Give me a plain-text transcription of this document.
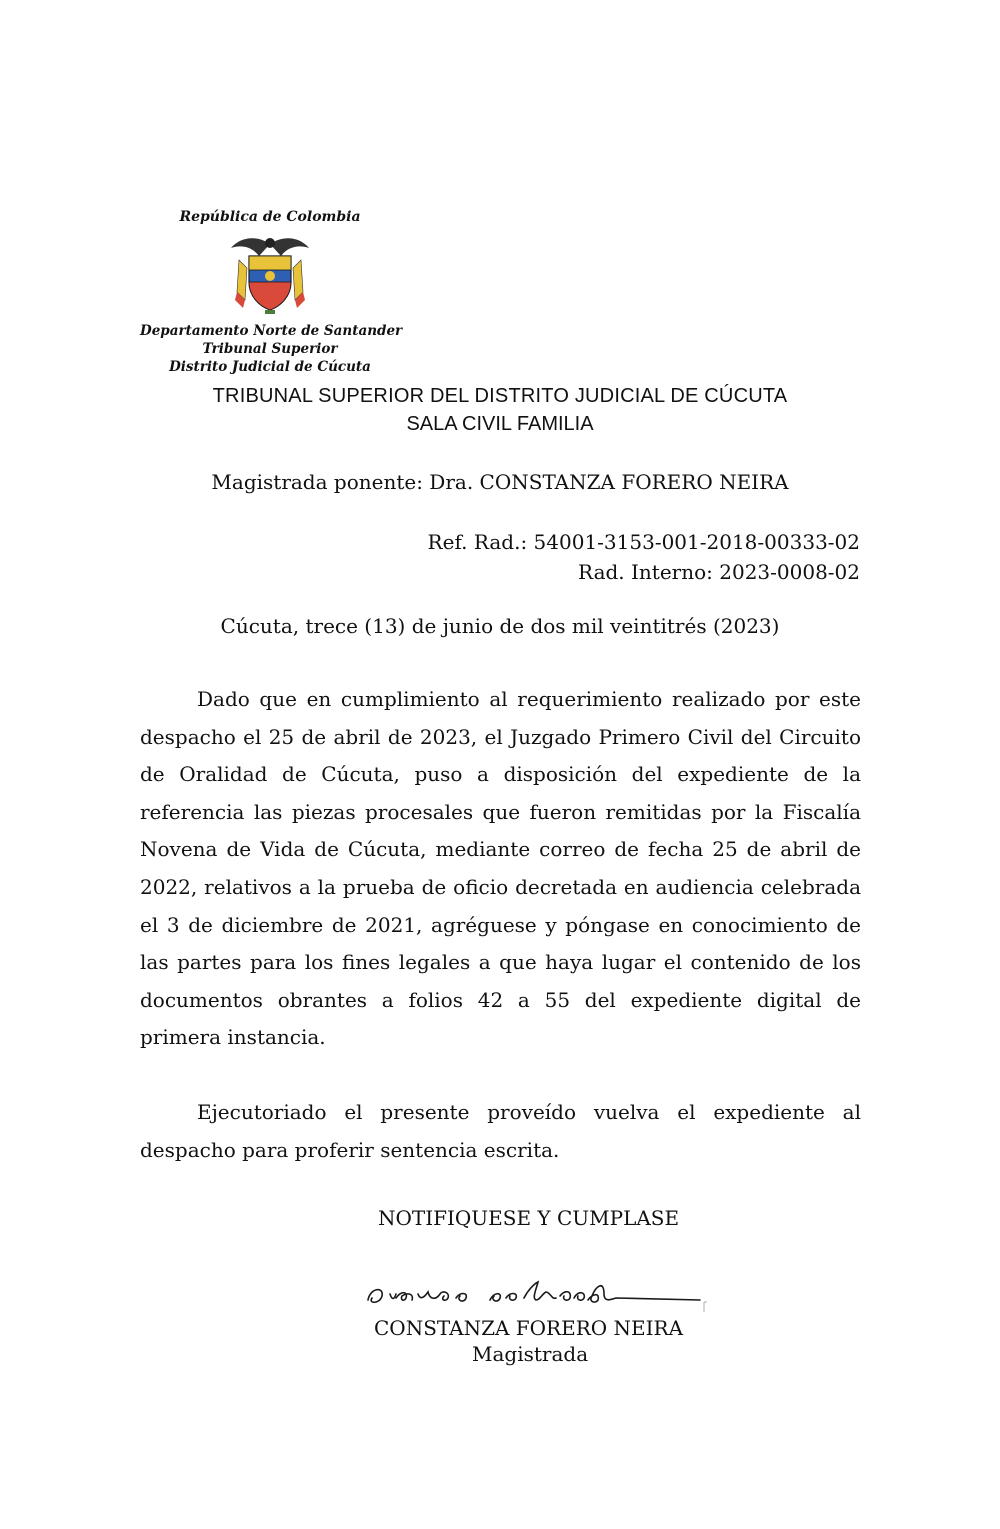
República de Colombia

Departamento Norte de Santander

Tribunal Superior

Distrito Judicial de Cúcuta

TRIBUNAL SUPERIOR DEL DISTRITO JUDICIAL DE CÚCUTA
SALA CIVIL FAMILIA
Magistrada ponente: Dra. CONSTANZA FORERO NEIRA
Ref. Rad.: 54001-3153-001-2018-00333-02
Rad. Interno: 2023-0008-02
Cúcuta, trece (13) de junio de dos mil veintitrés (2023)

Dado que en cumplimiento al requerimiento realizado por este despacho el 25 de abril de 2023, el Juzgado Primero Civil del Circuito de Oralidad de Cúcuta, puso a disposición del expediente de la referencia las piezas procesales que fueron remitidas por la Fiscalía Novena de Vida de Cúcuta, mediante correo de fecha 25 de abril de 2022, relativos a la prueba de oficio decretada en audiencia celebrada el 3 de diciembre de 2021, agréguese y póngase en conocimiento de las partes para los fines legales a que haya lugar el contenido de los documentos obrantes a folios 42 a 55 del expediente digital de primera instancia.

Ejecutoriado el presente proveído vuelva el expediente al despacho para proferir sentencia escrita.

NOTIFIQUESE Y CUMPLASE
CONSTANZA FORERO NEIRA
Magistrada
